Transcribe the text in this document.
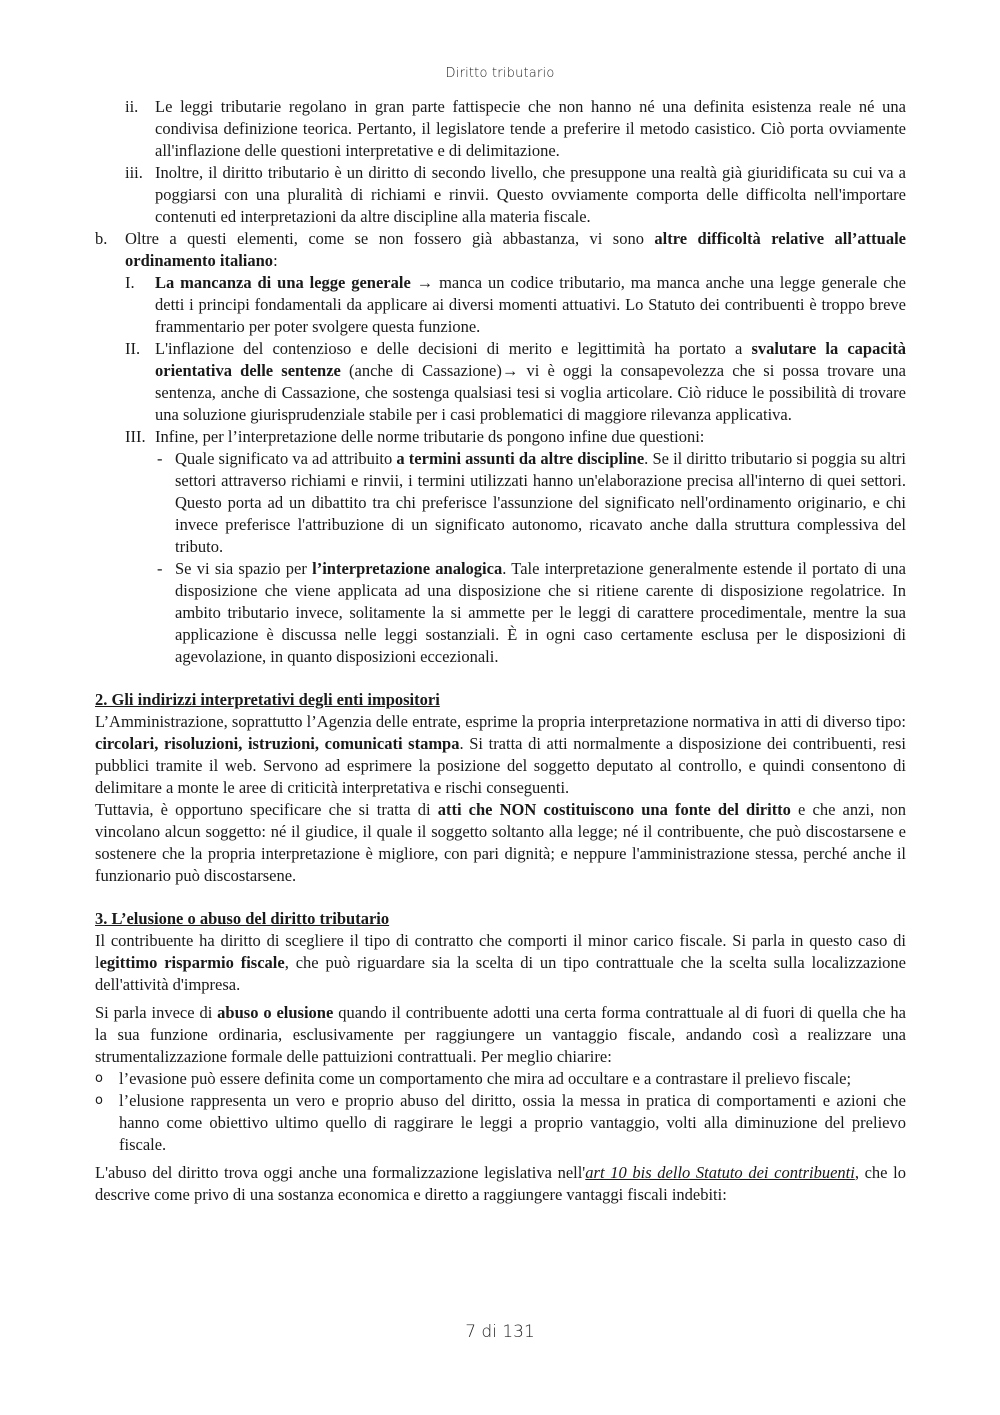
Diritto tributario
ii.	Le leggi tributarie regolano in gran parte fattispecie che non hanno né una definita esistenza reale né una condivisa definizione teorica. Pertanto, il legislatore tende a preferire il metodo casistico. Ciò porta ovviamente all'inflazione delle questioni interpretative e di delimitazione.
iii. Inoltre, il diritto tributario è un diritto di secondo livello, che presuppone una realtà già giuridificata su cui va a poggiarsi con una pluralità di richiami e rinvii. Questo ovviamente comporta delle difficolta nell'importare contenuti ed interpretazioni da altre discipline alla materia fiscale.
b.	Oltre a questi elementi, come se non fossero già abbastanza, vi sono altre difficoltà relative all’attuale ordinamento italiano:
I.	La mancanza di una legge generale → manca un codice tributario, ma manca anche una legge generale che detti i principi fondamentali da applicare ai diversi momenti attuativi. Lo Statuto dei contribuenti è troppo breve frammentario per poter svolgere questa funzione.
II. L'inflazione del contenzioso e delle decisioni di merito e legittimità ha portato a svalutare la capacità orientativa delle sentenze (anche di Cassazione)→ vi è oggi la consapevolezza che si possa trovare una sentenza, anche di Cassazione, che sostenga qualsiasi tesi si voglia articolare. Ciò riduce le possibilità di trovare una soluzione giurisprudenziale stabile per i casi problematici di maggiore rilevanza applicativa.
III. Infine, per l’interpretazione delle norme tributarie ds pongono infine due questioni:
- Quale significato va ad attribuito a termini assunti da altre discipline. Se il diritto tributario si poggia su altri settori attraverso richiami e rinvii, i termini utilizzati hanno un'elaborazione precisa all'interno di quei settori. Questo porta ad un dibattito tra chi preferisce l'assunzione del significato nell'ordinamento originario, e chi invece preferisce l'attribuzione di un significato autonomo, ricavato anche dalla struttura complessiva del tributo.
- Se vi sia spazio per l’interpretazione analogica. Tale interpretazione generalmente estende il portato di una disposizione che viene applicata ad una disposizione che si ritiene carente di disposizione regolatrice. In ambito tributario invece, solitamente la si ammette per le leggi di carattere procedimentale, mentre la sua applicazione è discussa nelle leggi sostanziali. È in ogni caso certamente esclusa per le disposizioni di agevolazione, in quanto disposizioni eccezionali.
2. Gli indirizzi interpretativi degli enti impositori
L’Amministrazione, soprattutto l’Agenzia delle entrate, esprime la propria interpretazione normativa in atti di diverso tipo: circolari, risoluzioni, istruzioni, comunicati stampa. Si tratta di atti normalmente a disposizione dei contribuenti, resi pubblici tramite il web. Servono ad esprimere la posizione del soggetto deputato al controllo, e quindi consentono di delimitare a monte le aree di criticità interpretativa e rischi conseguenti.
Tuttavia, è opportuno specificare che si tratta di atti che NON costituiscono una fonte del diritto e che anzi, non vincolano alcun soggetto: né il giudice, il quale il soggetto soltanto alla legge; né il contribuente, che può discostarsene e sostenere che la propria interpretazione è migliore, con pari dignità; e neppure l'amministrazione stessa, perché anche il funzionario può discostarsene.
3. L’elusione o abuso del diritto tributario
Il contribuente ha diritto di scegliere il tipo di contratto che comporti il minor carico fiscale. Si parla in questo caso di legittimo risparmio fiscale, che può riguardare sia la scelta di un tipo contrattuale che la scelta sulla localizzazione dell'attività d'impresa.
Si parla invece di abuso o elusione quando il contribuente adotti una certa forma contrattuale al di fuori di quella che ha la sua funzione ordinaria, esclusivamente per raggiungere un vantaggio fiscale, andando così a realizzare una strumentalizzazione formale delle pattuizioni contrattuali. Per meglio chiarire:
o l’evasione può essere definita come un comportamento che mira ad occultare e a contrastare il prelievo fiscale;
o l’elusione rappresenta un vero e proprio abuso del diritto, ossia la messa in pratica di comportamenti e azioni che hanno come obiettivo ultimo quello di raggirare le leggi a proprio vantaggio, volti alla diminuzione del prelievo fiscale.
L'abuso del diritto trova oggi anche una formalizzazione legislativa nell'art 10 bis dello Statuto dei contribuenti, che lo descrive come privo di una sostanza economica e diretto a raggiungere vantaggi fiscali indebiti:
7 di 131
